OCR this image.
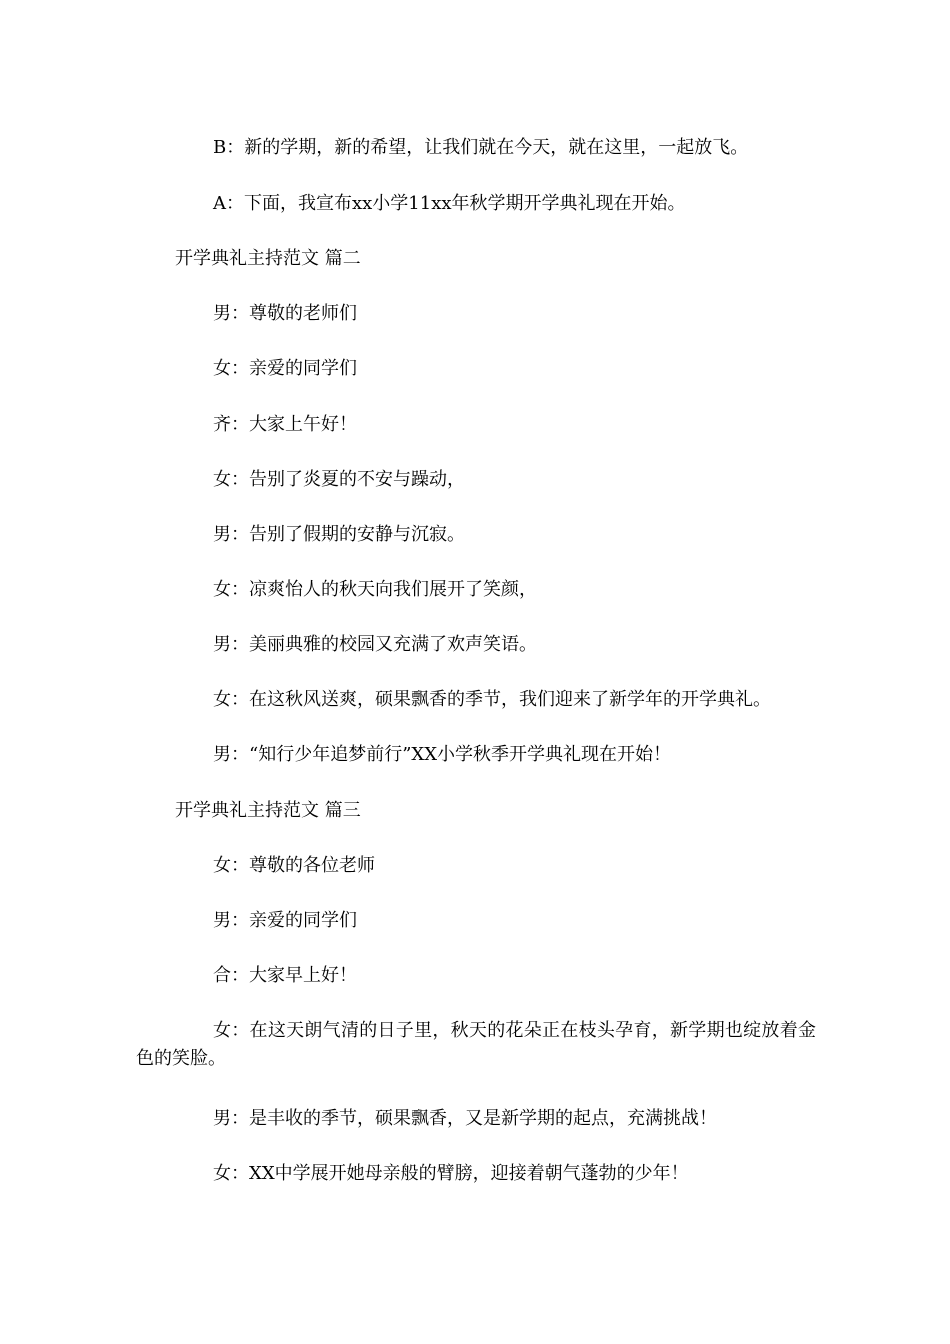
B：新的学期，新的希望，让我们就在今天，就在这里，一起放飞。
A：下面，我宣布xx小学11xx年秋学期开学典礼现在开始。
开学典礼主持范文 篇二
男：尊敬的老师们
女：亲爱的同学们
齐：大家上午好！
女：告别了炎夏的不安与躁动，
男：告别了假期的安静与沉寂。
女：凉爽怡人的秋天向我们展开了笑颜，
男：美丽典雅的校园又充满了欢声笑语。
女：在这秋风送爽，硕果飘香的季节，我们迎来了新学年的开学典礼。
男：“知行少年追梦前行”XX小学秋季开学典礼现在开始！
开学典礼主持范文 篇三
女：尊敬的各位老师
男：亲爱的同学们
合：大家早上好！
女：在这天朗气清的日子里，秋天的花朵正在枝头孕育，新学期也绽放着金色的笑脸。
男：是丰收的季节，硕果飘香，又是新学期的起点，充满挑战！
女：XX中学展开她母亲般的臂膀，迎接着朝气蓬勃的少年！
